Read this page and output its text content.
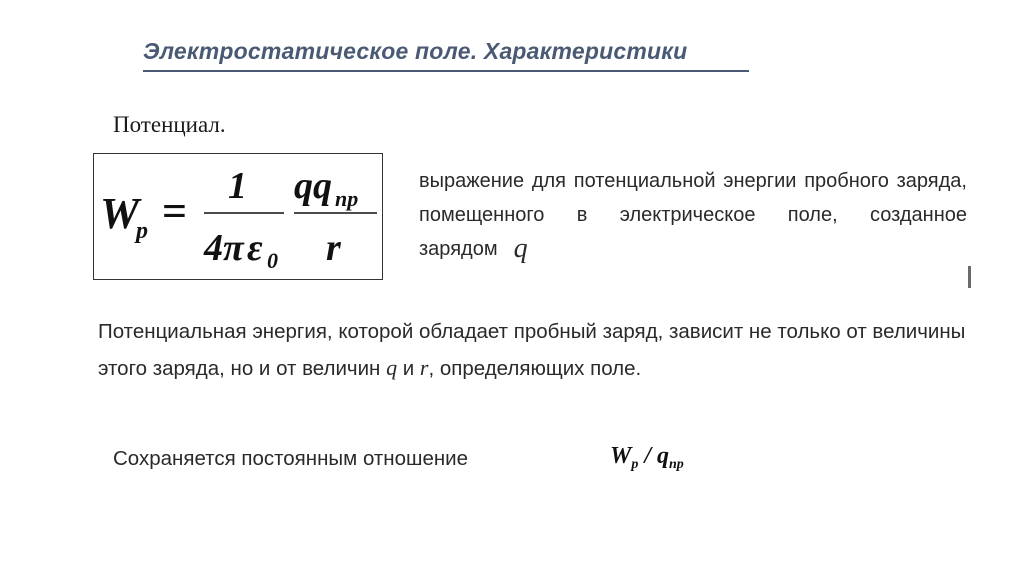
Электростатическое поле. Характеристики
Потенциал.
W
p =
1
4 π ε 0
qq пр
r
выражение для потенциальной энергии пробного заряда, помещенного в электрическое поле, созданное зарядом q
Потенциальная энергия, которой обладает пробный заряд, зависит не только от величины этого заряда, но и от величин q и r, определяющих поле.
Сохраняется постоянным отношение	$W_p / q_{пр}$
